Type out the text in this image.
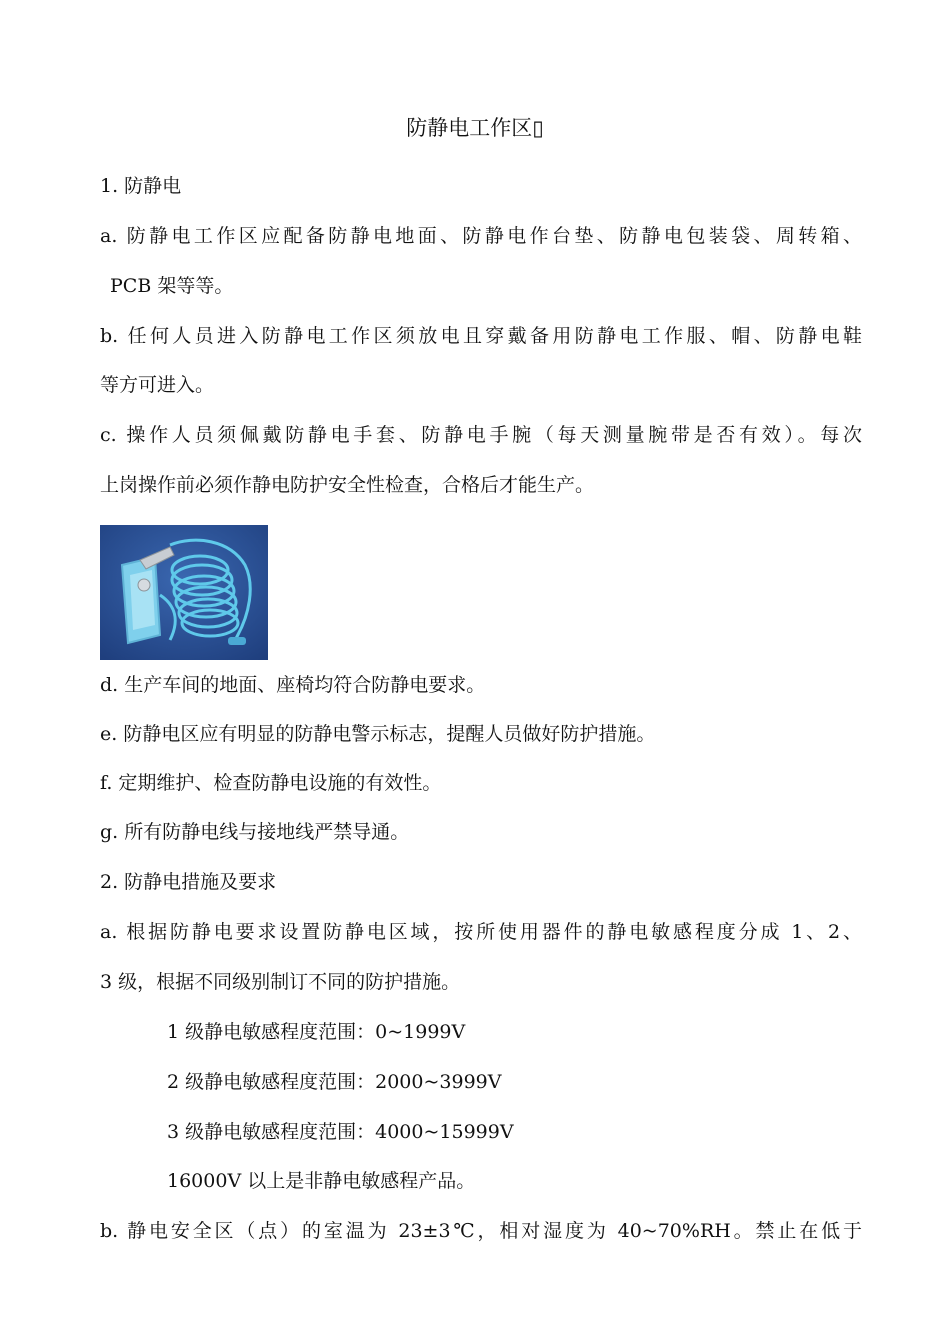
防静电工作区▯
1. 防静电
a. 防静电工作区应配备防静电地面、防静电作台垫、防静电包装袋、周转箱、
PCB 架等等。
b. 任何人员进入防静电工作区须放电且穿戴备用防静电工作服、帽、防静电鞋
等方可进入。
c. 操作人员须佩戴防静电手套、防静电手腕（每天测量腕带是否有效）。每次
上岗操作前必须作静电防护安全性检查，合格后才能生产。
d. 生产车间的地面、座椅均符合防静电要求。
e. 防静电区应有明显的防静电警示标志，提醒人员做好防护措施。
f. 定期维护、检查防静电设施的有效性。
g. 所有防静电线与接地线严禁导通。
2. 防静电措施及要求
a. 根据防静电要求设置防静电区域，按所使用器件的静电敏感程度分成 1、2、
3 级，根据不同级别制订不同的防护措施。
1 级静电敏感程度范围：0~1999V
2 级静电敏感程度范围：2000~3999V
3 级静电敏感程度范围：4000~15999V
16000V 以上是非静电敏感程产品。
b. 静电安全区（点）的室温为 23±3℃，相对湿度为 40~70%RH。禁止在低于
